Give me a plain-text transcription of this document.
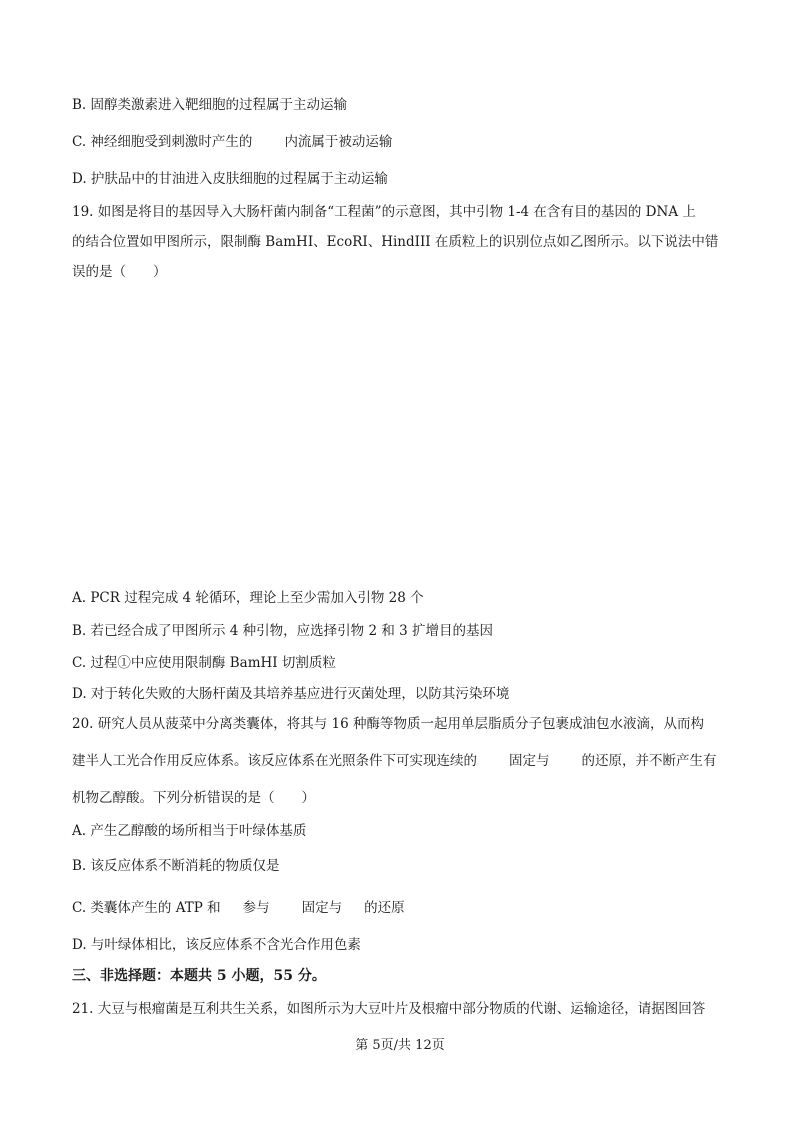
B. 固醇类激素进入靶细胞的过程属于主动运输
C. 神经细胞受到刺激时产生的 内流属于被动运输
D. 护肤品中的甘油进入皮肤细胞的过程属于主动运输
19. 如图是将目的基因导入大肠杆菌内制备“工程菌”的示意图，其中引物 1-4 在含有目的基因的 DNA 上
的结合位置如甲图所示，限制酶 BamHI、EcoRI、HindIII 在质粒上的识别位点如乙图所示。以下说法中错
误的是（　　）
A. PCR 过程完成 4 轮循环，理论上至少需加入引物 28 个
B. 若已经合成了甲图所示 4 种引物，应选择引物 2 和 3 扩增目的基因
C. 过程①中应使用限制酶 BamHI 切割质粒
D. 对于转化失败的大肠杆菌及其培养基应进行灭菌处理，以防其污染环境
20. 研究人员从菠菜中分离类囊体，将其与 16 种酶等物质一起用单层脂质分子包裹成油包水液滴，从而构
建半人工光合作用反应体系。该反应体系在光照条件下可实现连续的 固定与 的还原，并不断产生有
机物乙醇酸。下列分析错误的是（　　）
A. 产生乙醇酸的场所相当于叶绿体基质
B. 该反应体系不断消耗的物质仅是
C. 类囊体产生的 ATP 和 参与 固定与 的还原
D. 与叶绿体相比，该反应体系不含光合作用色素
三、非选择题：本题共 5 小题，55 分。
21. 大豆与根瘤菌是互利共生关系，如图所示为大豆叶片及根瘤中部分物质的代谢、运输途径，请据图回答
第 5页/共 12页
